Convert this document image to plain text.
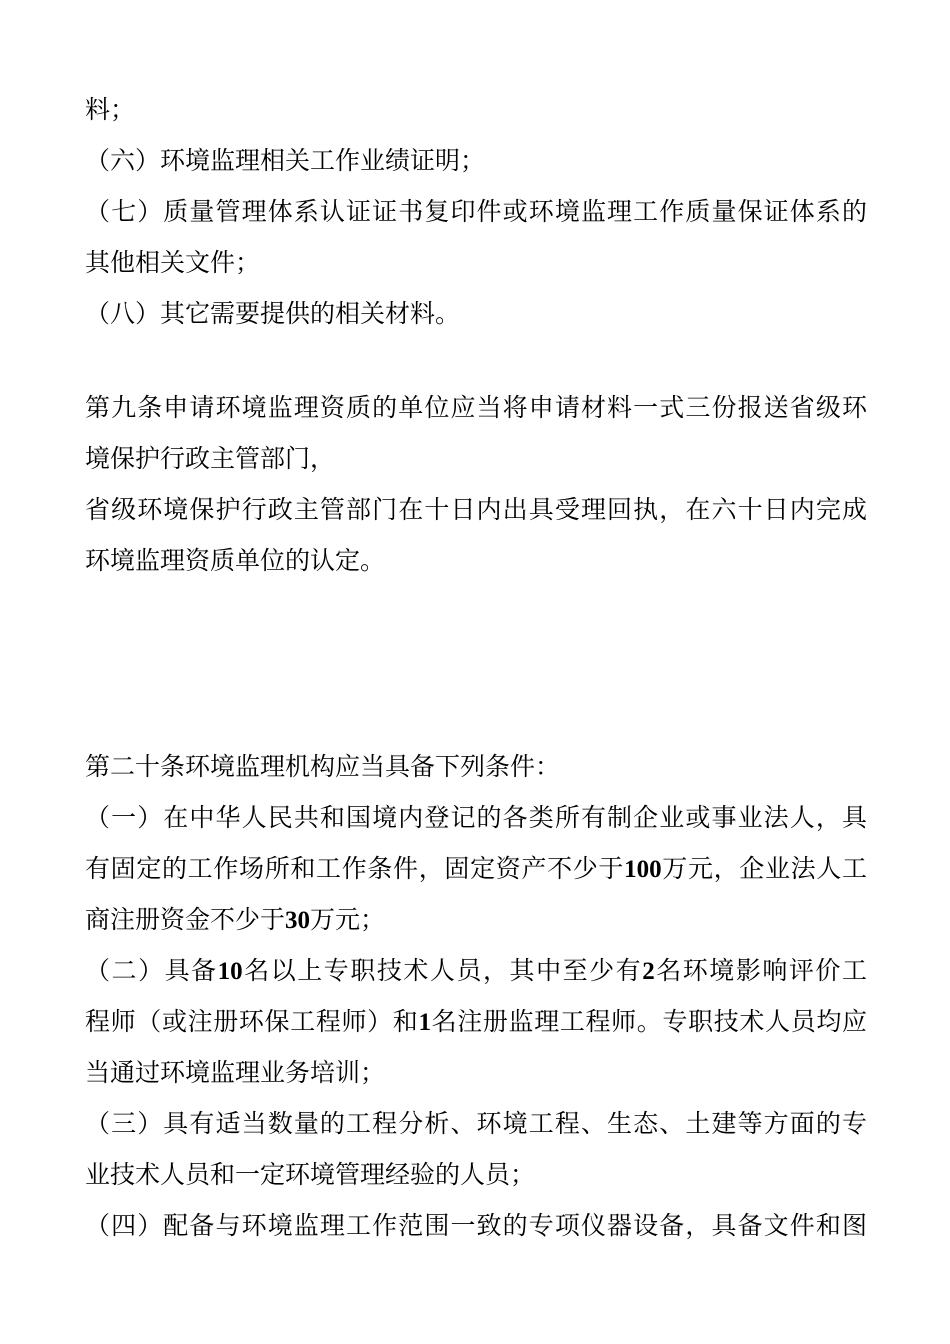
料；
（六）环境监理相关工作业绩证明；
（七）质量管理体系认证证书复印件或环境监理工作质量保证体系的
其他相关文件；
（八）其它需要提供的相关材料。
第九条申请环境监理资质的单位应当将申请材料一式三份报送省级环
境保护行政主管部门，
省级环境保护行政主管部门在十日内出具受理回执，在六十日内完成
环境监理资质单位的认定。
第二十条环境监理机构应当具备下列条件：
（一）在中华人民共和国境内登记的各类所有制企业或事业法人，具
有固定的工作场所和工作条件，固定资产不少于100万元，企业法人工
商注册资金不少于30万元；
（二）具备10名以上专职技术人员，其中至少有2名环境影响评价工
程师（或注册环保工程师）和1名注册监理工程师。专职技术人员均应
当通过环境监理业务培训；
（三）具有适当数量的工程分析、环境工程、生态、土建等方面的专
业技术人员和一定环境管理经验的人员；
（四）配备与环境监理工作范围一致的专项仪器设备，具备文件和图
